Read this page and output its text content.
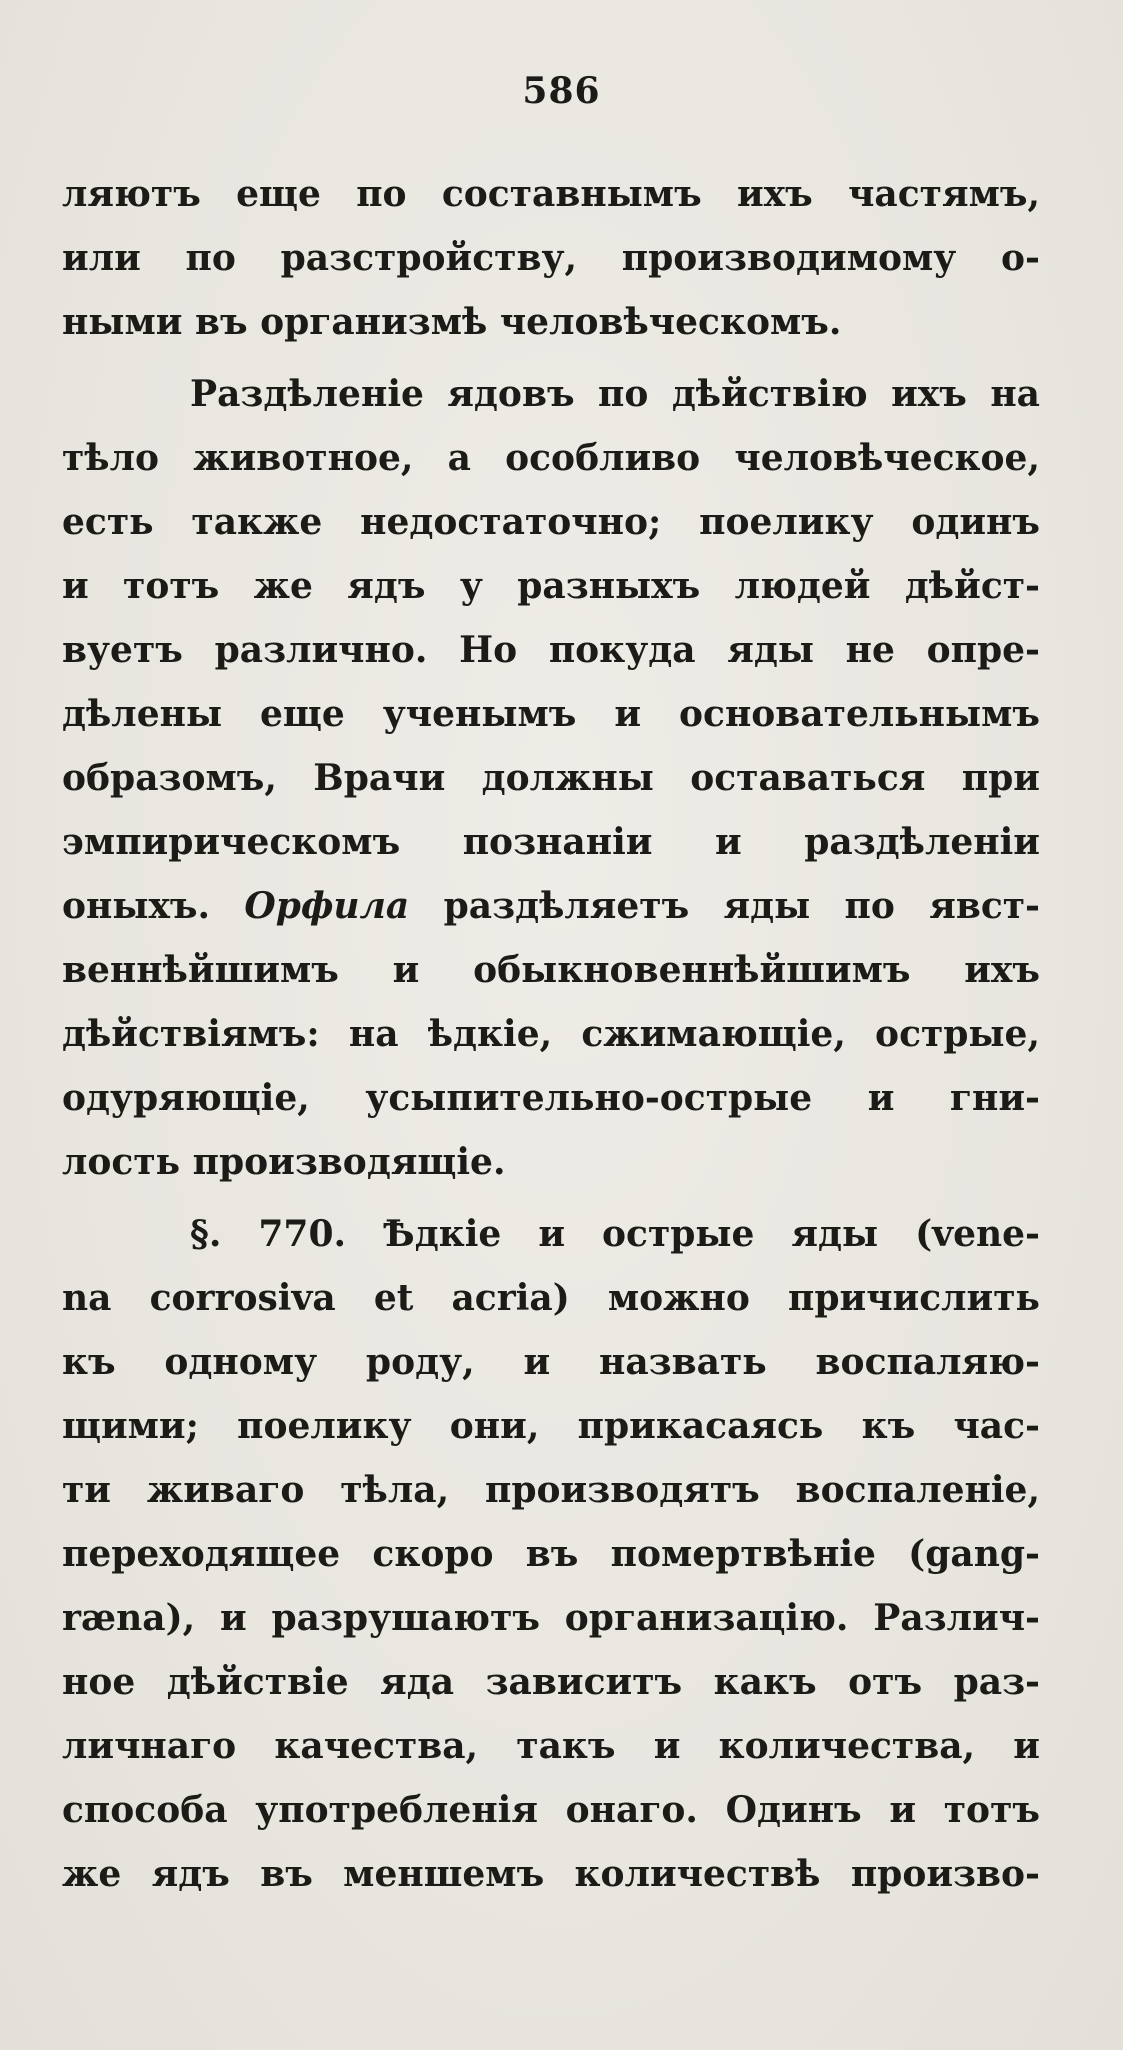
586
ляютъ еще по составнымъ ихъ частямъ,
или по разстройству, производимому о-
ными въ организмѣ человѣческомъ.
Раздѣленіе ядовъ по дѣйствію ихъ на
тѣло животное, а особливо человѣческое,
есть также недостаточно; поелику одинъ
и тотъ же ядъ у разныхъ людей дѣйст-
вуетъ различно. Но покуда яды не опре-
дѣлены еще ученымъ и основательнымъ
образомъ, Врачи должны оставаться при
эмпирическомъ познаніи и раздѣленіи
оныхъ. Орфила раздѣляетъ яды по явст-
веннѣйшимъ и обыкновеннѣйшимъ ихъ
дѣйствіямъ: на ѣдкіе, сжимающіе, острые,
одуряющіе, усыпительно-острые и гни-
лость производящіе.
§. 770. Ѣдкіе и острые яды (vene-
na corrosiva et acria) можно причислить
къ одному роду, и назвать воспаляю-
щими; поелику они, прикасаясь къ час-
ти живаго тѣла, производятъ воспаленіе,
переходящее скоро въ помертвѣніе (gang-
ræna), и разрушаютъ организацію. Различ-
ное дѣйствіе яда зависитъ какъ отъ раз-
личнаго качества, такъ и количества, и
способа употребленія онаго. Одинъ и тотъ
же ядъ въ меншемъ количествѣ произво-
